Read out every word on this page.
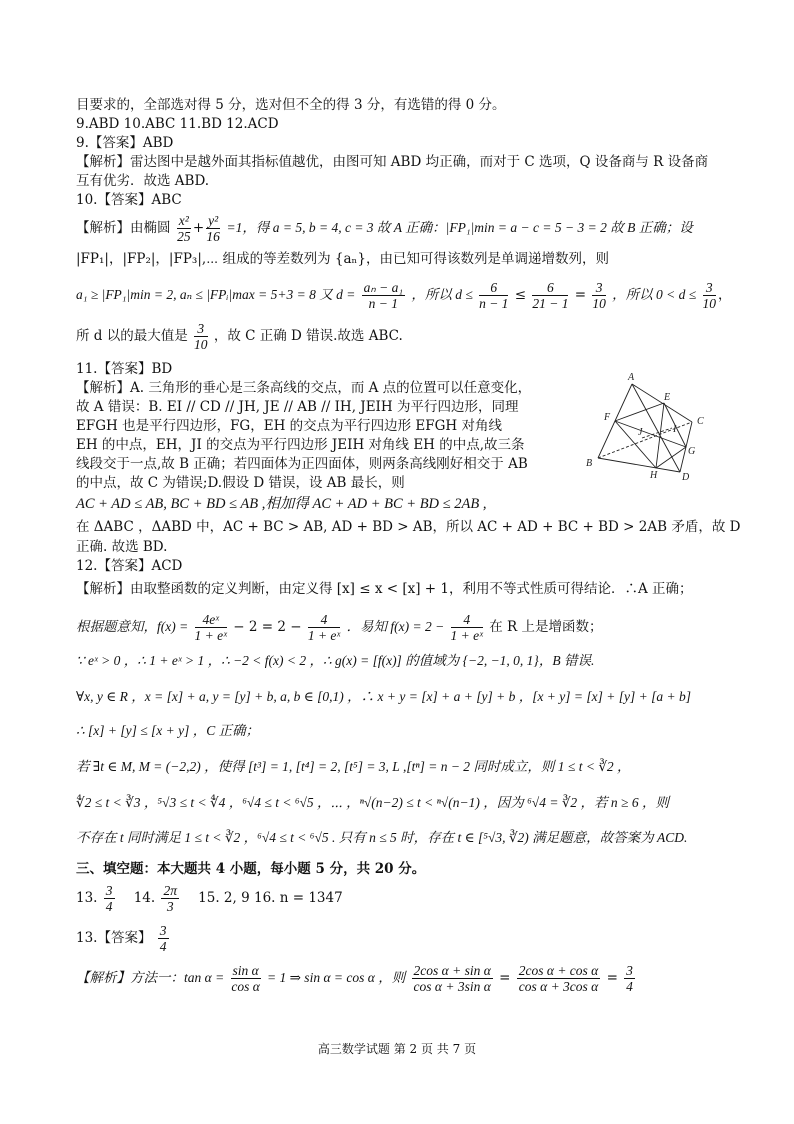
目要求的，全部选对得 5 分，选对但不全的得 3 分，有选错的得 0 分。
9.ABD 10.ABC 11.BD 12.ACD
9.【答案】ABD
【解析】雷达图中是越外面其指标值越优，由图可知 ABD 均正确，而对于 C 选项，Q 设备商与 R 设备商
互有优劣．故选 ABD.
10.【答案】ABC
【解析】由椭圆 $\frac{\text{x²}}{25} + \frac{\text{y²}}{16} =1$，得 a = 5, b = 4, c = 3 故 A 正确：|FP₁|min = a − c = 5 − 3 = 2 故 B 正确；设
|FP₁|，|FP₂|，|FP₃|,⋯ 组成的等差数列为 {aₙ}，由已知可得该数列是单调递增数列，则
a₁ ≥ |FP₁|min = 2, aₙ ≤ |FPᵢ|max = 5+3 = 8 又 $d = \frac{\text{aₙ − a₁}}{n - 1}$ ，所以 $d \le \frac{6}{n - 1} \le \frac{6}{21 - 1} = \frac{3}{10}$ ，所以 $0 < d \le \frac{3}{10}$ ，
所 d 以的最大值是 $\frac{3}{10}$ ，故 C 正确 D 错误.故选 ABC.
11.【答案】BD
【解析】A. 三角形的垂心是三条高线的交点，而 A 点的位置可以任意变化，
故 A 错误：B. EI // CD // JH, JE // AB // IH, JEIH 为平行四边形，同理
EFGH 也是平行四边形，FG，EH 的交点为平行四边形 EFGH 对角线
EH 的中点，EH，JI 的交点为平行四边形 JEIH 对角线 EH 的中点,故三条
线段交于一点,故 B 正确；若四面体为正四面体，则两条高线刚好相交于 AB
的中点，故 C 为错误;D.假设 D 错误，设 AB 最长，则
AC + AD ≤ AB, BC + BD ≤ AB ,相加得 AC + AD + BC + BD ≤ 2AB ,
在 ΔABC ，ΔABD 中，AC + BC > AB, AD + BD > AB，所以 AC + AD + BC + BD > 2AB 矛盾，故 D
正确. 故选 BD.
A
F
E
I
J
C
G
B
H D
12.【答案】ACD
【解析】由取整函数的定义判断，由定义得 [x] ≤ x < [x] + 1，利用不等式性质可得结论．∴A 正确；
根据题意知，$f(x) = \frac{\text{4eˣ}}{\text{1 + eˣ}} - 2 = 2 - \frac{4}{\text{1 + eˣ}}$ ．易知 $f(x) = 2 - \frac{4}{\text{1 + eˣ}}$ 在 R 上是增函数；
∵ eˣ > 0 ，∴ 1 + eˣ > 1 ，∴ −2 < f(x) < 2 ，∴ g(x) = [f(x)] 的值域为 {−2, −1, 0, 1}，B 错误.
∀x, y ∈ R ，x = [x] + a, y = [y] + b, a, b ∈ [0,1) ，∴ x + y = [x] + a + [y] + b ，[x + y] = [x] + [y] + [a + b]
∴ [x] + [y] ≤ [x + y] ，C 正确；
若 ∃t ∈ M, M = (−2,2) ，使得 [t³] = 1, [t⁴] = 2, [t⁵] = 3, L ,[tⁿ] = n − 2 同时成立，则 1 ≤ t < ∛2 ，
∜2 ≤ t < ∛3 ，⁵√3 ≤ t < ∜4 ，⁶√4 ≤ t < ⁶√5 ，⋯ ，ⁿ√(n−2) ≤ t < ⁿ√(n−1) ，因为 ⁶√4 = ∛2 ，若 n ≥ 6 ，则
不存在 t 同时满足 1 ≤ t < ∛2 ，⁶√4 ≤ t < ⁶√5 . 只有 n ≤ 5 时，存在 t ∈ [⁵√3, ∛2) 满足题意，故答案为 ACD.
三、填空题：本大题共 4 小题，每小题 5 分，共 20 分。
13. $\frac{3}{4} 14$. $\frac{2\pi}{3} 15$. 2, 9 16. n = 1347
13.【答案】 $\frac{3}{4}$
【解析】方法一：$\tan \alpha = \frac{\text{sin α}}{\text{cos α}} = 1$ ⇒ sin α = cos α ，则 $\frac{\text{2cos α + sin α}}{\text{cos α + 3sin α}} = \frac{\text{2cos α + cos α}}{\text{cos α + 3cos α}} = \frac{3}{4}$
高三数学试题 第 2 页 共 7 页
